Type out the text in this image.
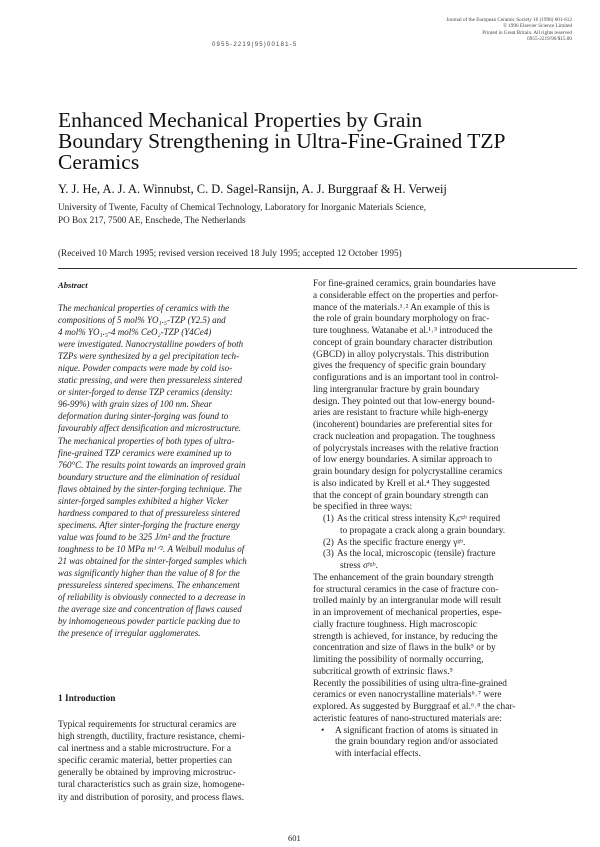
Journal of the European Ceramic Society 16 (1996) 601-612
© 1996 Elsevier Science Limited
Printed in Great Britain. All rights reserved
0955-2219/96/$15.00
0955-2219(95)00181-5
Enhanced Mechanical Properties by Grain
Boundary Strengthening in Ultra-Fine-Grained TZP
Ceramics
Y. J. He, A. J. A. Winnubst, C. D. Sagel-Ransijn, A. J. Burggraaf & H. Verweij
University of Twente, Faculty of Chemical Technology, Laboratory for Inorganic Materials Science,
PO Box 217, 7500 AE, Enschede, The Netherlands
(Received 10 March 1995; revised version received 18 July 1995; accepted 12 October 1995)
Abstract
The mechanical properties of ceramics with the
compositions of 5 mol% YO₁.₅-TZP (Y2.5) and
4 mol% YO₁.₅-4 mol% CeO₂-TZP (Y4Ce4)
were investigated. Nanocrystalline powders of both
TZPs were synthesized by a gel precipitation tech-
nique. Powder compacts were made by cold iso-
static pressing, and were then pressureless sintered
or sinter-forged to dense TZP ceramics (density:
96-99%) with grain sizes of 100 nm. Shear
deformation during sinter-forging was found to
favourably affect densification and microstructure.
The mechanical properties of both types of ultra-
fine-grained TZP ceramics were examined up to
760°C. The results point towards an improved grain
boundary structure and the elimination of residual
flaws obtained by the sinter-forging technique. The
sinter-forged samples exhibited a higher Vicker
hardness compared to that of pressureless sintered
specimens. After sinter-forging the fracture energy
value was found to be 325 J/m² and the fracture
toughness to be 10 MPa m¹ᐟ². A Weibull modulus of
21 was obtained for the sinter-forged samples which
was significantly higher than the value of 8 for the
pressureless sintered specimens. The enhancement
of reliability is obviously connected to a decrease in
the average size and concentration of flaws caused
by inhomogeneous powder particle packing due to
the presence of irregular agglomerates.
1 Introduction
Typical requirements for structural ceramics are
high strength, ductility, fracture resistance, chemi-
cal inertness and a stable microstructure. For a
specific ceramic material, better properties can
generally be obtained by improving microstruc-
tural characteristics such as grain size, homogene-
ity and distribution of porosity, and process flaws.
For fine-grained ceramics, grain boundaries have
a considerable effect on the properties and perfor-
mance of the materials.¹˒² An example of this is
the role of grain boundary morphology on frac-
ture toughness. Watanabe et al.¹˒³ introduced the
concept of grain boundary character distribution
(GBCD) in alloy polycrystals. This distribution
gives the frequency of specific grain boundary
configurations and is an important tool in control-
ling intergranular fracture by grain boundary
design. They pointed out that low-energy bound-
aries are resistant to fracture while high-energy
(incoherent) boundaries are preferential sites for
crack nucleation and propagation. The toughness
of polycrystals increases with the relative fraction
of low energy boundaries. A similar approach to
grain boundary design for polycrystalline ceramics
is also indicated by Krell et al.⁴ They suggested
that the concept of grain boundary strength can
be specified in three ways:
(1) As the critical stress intensity Kᵢcᵍᵇ required
to propagate a crack along a grain boundary.
(2) As the specific fracture energy γᵍᵇ.
(3) As the local, microscopic (tensile) fracture
stress σᶠᵍᵇ.
The enhancement of the grain boundary strength
for structural ceramics in the case of fracture con-
trolled mainly by an intergranular mode will result
in an improvement of mechanical properties, espe-
cially fracture toughness. High macroscopic
strength is achieved, for instance, by reducing the
concentration and size of flaws in the bulk⁵ or by
limiting the possibility of normally occurring,
subcritical growth of extrinsic flaws.⁵
Recently the possibilities of using ultra-fine-grained
ceramics or even nanocrystalline materials⁶˒⁷ were
explored. As suggested by Burggraaf et al.⁶˒⁸ the char-
acteristic features of nano-structured materials are:
• A significant fraction of atoms is situated in
the grain boundary region and/or associated
with interfacial effects.
601
